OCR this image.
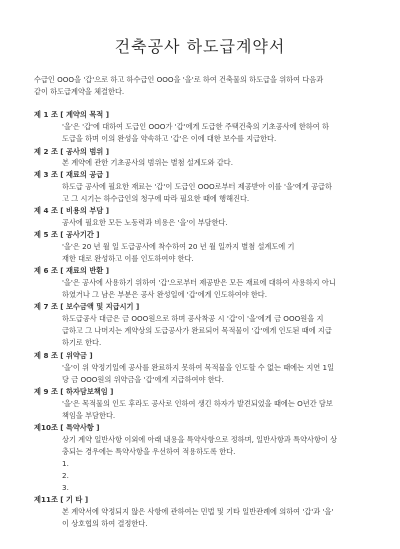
건축공사 하도급계약서
수급인 OOO을 '갑'으로 하고 하수급인 OOO을 '을'로 하여 건축물의 하도급을 위하여 다음과
같이 하도급계약을 체결한다.
제 1 조 [ 계약의 목적 ]
'을'은 '갑'에 대하여 도급인 OOO가 '갑'에게 도급한 주택건축의 기초공사에 한하여 하
도급을 하며 이의 완성을 약속하고 '갑'은 이에 대한 보수를 지급한다.
제 2 조 [ 공사의 범위 ]
본 계약에 관한 기초공사의 범위는 별첨 설계도와 같다.
제 3 조 [ 재료의 공급 ]
하도급 공사에 필요한 재료는 '갑'이 도급인 OOO로부터 제공받아 이를 '을'에게 공급하
고 그 시기는 하수급인의 청구에 따라 필요한 때에 행해진다.
제 4 조 [ 비용의 부담 ]
공사에 필요한 모든 노동력과 비용은 '을'이 부담한다.
제 5 조 [ 공사기간 ]
'을'은 20 년 월 일 도급공사에 착수하여 20 년 월 일까지 별첨 설계도에 기
재한 대로 완성하고 이를 인도하여야 한다.
제 6 조 [ 재료의 반환 ]
'을'은 공사에 사용하기 위하여 '갑'으로부터 제공받은 모든 재료에 대하여 사용하지 아니
하였거나 그 남은 부분은 공사 완성일에 '갑'에게 인도하여야 한다.
제 7 조 [ 보수금액 및 지급시기 ]
하도급공사 대금은 금 OOO원으로 하며 공사착공 시 '갑'이 '을'에게 금 OOO원을 지
급하고 그 나머지는 계약상의 도급공사가 완료되어 목적물이 '갑'에게 인도된 때에 지급
하기로 한다.
제 8 조 [ 위약금 ]
'을'이 위 약정기일에 공사를 완료하지 못하여 목적물을 인도할 수 없는 때에는 지연 1일
당 금 OOO원의 위약금을 '갑'에게 지급하여야 한다.
제 9 조 [ 하자담보책임 ]
'을'은 목적물의 인도 후라도 공사로 인하여 생긴 하자가 발견되었을 때에는 O년간 담보
책임을 부담한다.
제10조 [ 특약사항 ]
상기 계약 일반사항 이외에 아래 내용을 특약사항으로 정하며, 일반사항과 특약사항이 상
충되는 경우에는 특약사항을 우선하여 적용하도록 한다.
1.
2.
3.
제11조 [ 기 타 ]
본 계약서에 약정되지 않은 사항에 관하여는 민법 및 기타 일반관례에 의하여 '갑'과 '을'
이 상호협의 하여 결정한다.
